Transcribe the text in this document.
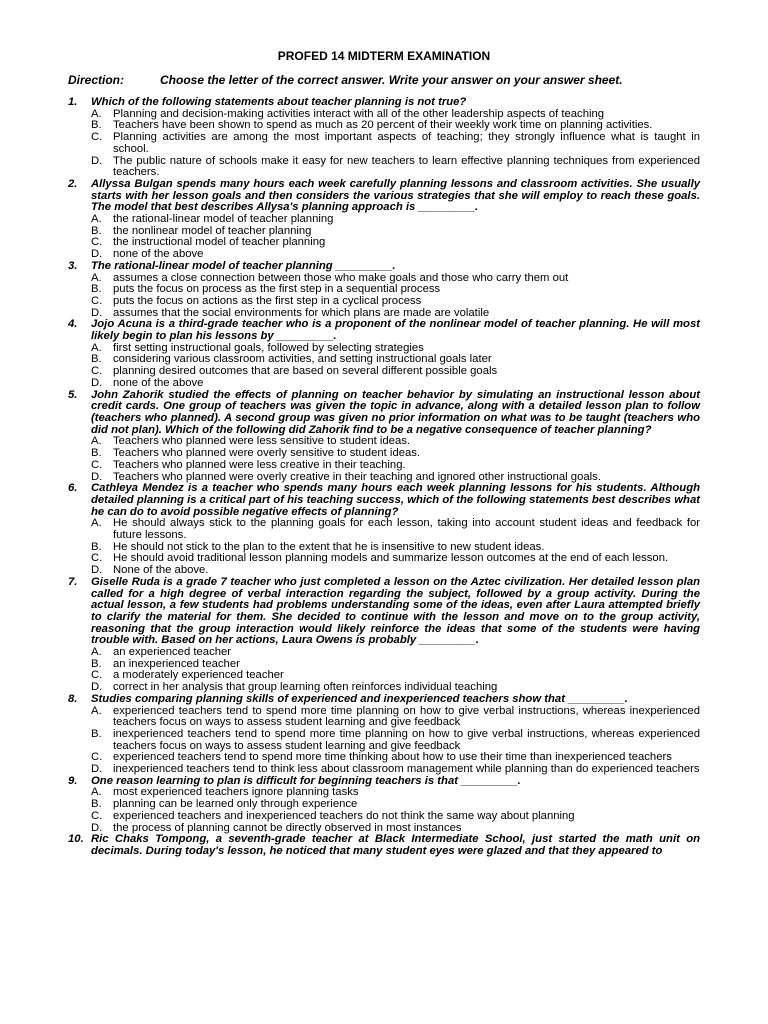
PROFED 14 MIDTERM EXAMINATION
Direction:	Choose the letter of the correct answer. Write your answer on your answer sheet.
1. Which of the following statements about teacher planning is not true?
A. Planning and decision-making activities interact with all of the other leadership aspects of teaching
B. Teachers have been shown to spend as much as 20 percent of their weekly work time on planning activities.
C. Planning activities are among the most important aspects of teaching; they strongly influence what is taught in school.
D. The public nature of schools make it easy for new teachers to learn effective planning techniques from experienced teachers.
2. Allyssa Bulgan spends many hours each week carefully planning lessons and classroom activities. She usually starts with her lesson goals and then considers the various strategies that she will employ to reach these goals. The model that best describes Allysa's planning approach is _________.
A. the rational-linear model of teacher planning
B. the nonlinear model of teacher planning
C. the instructional model of teacher planning
D. none of the above
3. The rational-linear model of teacher planning _________.
A. assumes a close connection between those who make goals and those who carry them out
B. puts the focus on process as the first step in a sequential process
C. puts the focus on actions as the first step in a cyclical process
D. assumes that the social environments for which plans are made are volatile
4. Jojo Acuna is a third-grade teacher who is a proponent of the nonlinear model of teacher planning. He will most likely begin to plan his lessons by _________.
A. first setting instructional goals, followed by selecting strategies
B. considering various classroom activities, and setting instructional goals later
C. planning desired outcomes that are based on several different possible goals
D. none of the above
5. John Zahorik studied the effects of planning on teacher behavior by simulating an instructional lesson about credit cards. One group of teachers was given the topic in advance, along with a detailed lesson plan to follow (teachers who planned). A second group was given no prior information on what was to be taught (teachers who did not plan). Which of the following did Zahorik find to be a negative consequence of teacher planning?
A. Teachers who planned were less sensitive to student ideas.
B. Teachers who planned were overly sensitive to student ideas.
C. Teachers who planned were less creative in their teaching.
D. Teachers who planned were overly creative in their teaching and ignored other instructional goals.
6. Cathleya Mendez is a teacher who spends many hours each week planning lessons for his students. Although detailed planning is a critical part of his teaching success, which of the following statements best describes what he can do to avoid possible negative effects of planning?
A. He should always stick to the planning goals for each lesson, taking into account student ideas and feedback for future lessons.
B. He should not stick to the plan to the extent that he is insensitive to new student ideas.
C. He should avoid traditional lesson planning models and summarize lesson outcomes at the end of each lesson.
D. None of the above.
7. Giselle Ruda is a grade 7 teacher who just completed a lesson on the Aztec civilization. Her detailed lesson plan called for a high degree of verbal interaction regarding the subject, followed by a group activity. During the actual lesson, a few students had problems understanding some of the ideas, even after Laura attempted briefly to clarify the material for them. She decided to continue with the lesson and move on to the group activity, reasoning that the group interaction would likely reinforce the ideas that some of the students were having trouble with. Based on her actions, Laura Owens is probably _________.
A. an experienced teacher
B. an inexperienced teacher
C. a moderately experienced teacher
D. correct in her analysis that group learning often reinforces individual teaching
8. Studies comparing planning skills of experienced and inexperienced teachers show that _________.
A. experienced teachers tend to spend more time planning on how to give verbal instructions, whereas inexperienced teachers focus on ways to assess student learning and give feedback
B. inexperienced teachers tend to spend more time planning on how to give verbal instructions, whereas experienced teachers focus on ways to assess student learning and give feedback
C. experienced teachers tend to spend more time thinking about how to use their time than inexperienced teachers
D. inexperienced teachers tend to think less about classroom management while planning than do experienced teachers
9. One reason learning to plan is difficult for beginning teachers is that _________.
A. most experienced teachers ignore planning tasks
B. planning can be learned only through experience
C. experienced teachers and inexperienced teachers do not think the same way about planning
D. the process of planning cannot be directly observed in most instances
10. Ric Chaks Tompong, a seventh-grade teacher at Black Intermediate School, just started the math unit on decimals. During today's lesson, he noticed that many student eyes were glazed and that they appeared to
